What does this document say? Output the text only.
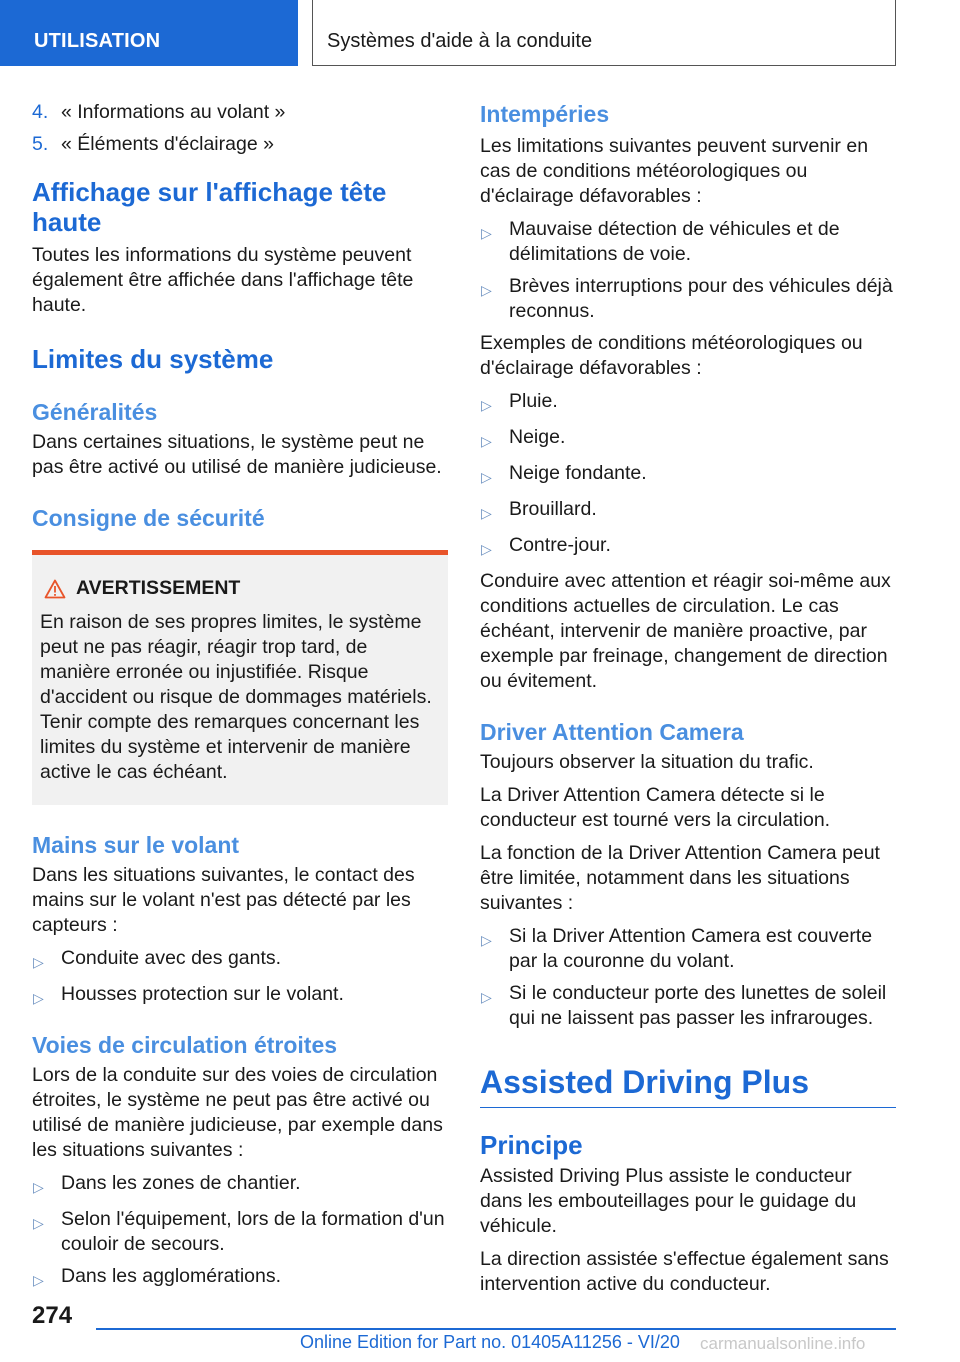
UTILISATION	Systèmes d'aide à la conduite
4. « Informations au volant »
5. « Éléments d'éclairage »
Affichage sur l'affichage tête haute
Toutes les informations du système peuvent également être affichée dans l'affichage tête haute.
Limites du système
Généralités
Dans certaines situations, le système peut ne pas être activé ou utilisé de manière judicieuse.
Consigne de sécurité
AVERTISSEMENT
En raison de ses propres limites, le système peut ne pas réagir, réagir trop tard, de manière erronée ou injustifiée. Risque d'accident ou risque de dommages matériels. Tenir compte des remarques concernant les limites du système et intervenir de manière active le cas échéant.
Mains sur le volant
Dans les situations suivantes, le contact des mains sur le volant n'est pas détecté par les capteurs :
▷ Conduite avec des gants.
▷ Housses protection sur le volant.
Voies de circulation étroites
Lors de la conduite sur des voies de circulation étroites, le système ne peut pas être activé ou utilisé de manière judicieuse, par exemple dans les situations suivantes :
▷ Dans les zones de chantier.
▷ Selon l'équipement, lors de la formation d'un couloir de secours.
▷ Dans les agglomérations.
Intempéries
Les limitations suivantes peuvent survenir en cas de conditions météorologiques ou d'éclairage défavorables :
▷ Mauvaise détection de véhicules et de délimitations de voie.
▷ Brèves interruptions pour des véhicules déjà reconnus.
Exemples de conditions météorologiques ou d'éclairage défavorables :
▷ Pluie.
▷ Neige.
▷ Neige fondante.
▷ Brouillard.
▷ Contre-jour.
Conduire avec attention et réagir soi-même aux conditions actuelles de circulation. Le cas échéant, intervenir de manière proactive, par exemple par freinage, changement de direction ou évitement.
Driver Attention Camera
Toujours observer la situation du trafic.
La Driver Attention Camera détecte si le conducteur est tourné vers la circulation.
La fonction de la Driver Attention Camera peut être limitée, notamment dans les situations suivantes :
▷ Si la Driver Attention Camera est couverte par la couronne du volant.
▷ Si le conducteur porte des lunettes de soleil qui ne laissent pas passer les infrarouges.
Assisted Driving Plus
Principe
Assisted Driving Plus assiste le conducteur dans les embouteillages pour le guidage du véhicule.
La direction assistée s'effectue également sans intervention active du conducteur.
274
Online Edition for Part no. 01405A11256 - VI/20 carmanualsonline.info
